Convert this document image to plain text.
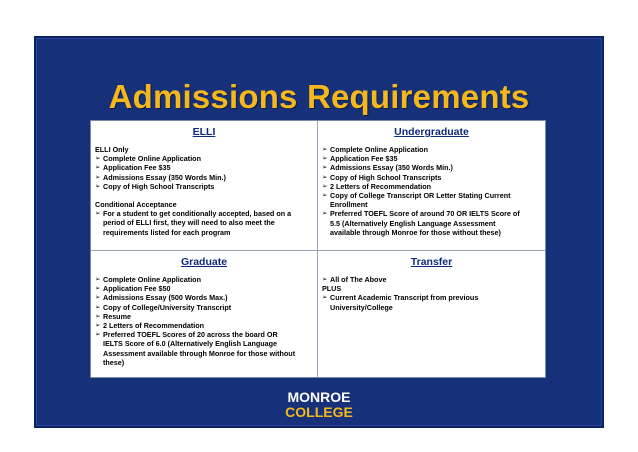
Admissions Requirements
ELLI
ELLI Only
➢ Complete Online Application
➢ Application Fee $35
➢ Admissions Essay (350 Words Min.)
➢ Copy of High School Transcripts
Conditional Acceptance
➢ For a student to get conditionally accepted, based on a
period of ELLI first, they will need to also meet the
requirements listed for each program
Undergraduate
➢ Complete Online Application
➢ Application Fee $35
➢ Admissions Essay (350 Words Min.)
➢ Copy of High School Transcripts
➢ 2 Letters of Recommendation
➢ Copy of College Transcript OR Letter Stating Current
Enrollment
➢ Preferred TOEFL Score of around 70 OR IELTS Score of
5.5 (Alternatively English Language Assessment
available through Monroe for those without these)
Graduate
➢ Complete Online Application
➢ Application Fee $50
➢ Admissions Essay (500 Words Max.)
➢ Copy of College/University Transcript
➢ Resume
➢ 2 Letters of Recommendation
➢ Preferred TOEFL Scores of 20 across the board OR
IELTS Score of 6.0 (Alternatively English Language
Assessment available through Monroe for those without
these)
Transfer
➢ All of The Above
PLUS
➢ Current Academic Transcript from previous
University/College
MONROE
COLLEGE
